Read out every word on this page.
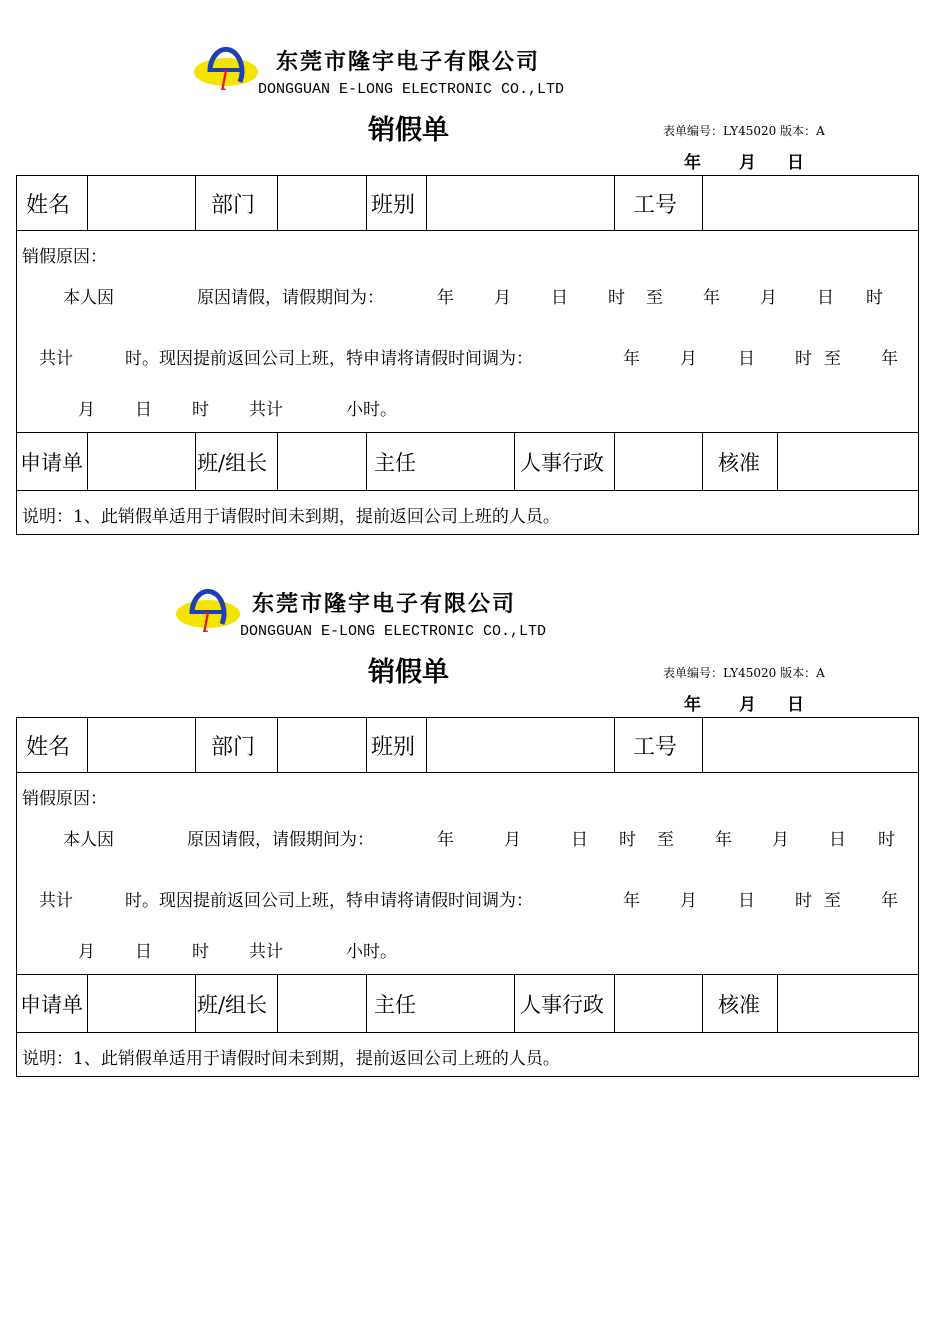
l
东莞市隆宇电子有限公司
DONGGUAN E-LONG ELECTRONIC CO.,LTD
销假单	表单编号：LY45020 版本：A
年 月 日
姓名	部门	班别	工号
销假原因：
本人因	原因请假，请假期间为：	年 月 日 时 至 年 月 日 时
共计	时。现因提前返回公司上班，特申请将请假时间调为：	年 月 日 时 至 年
月 日 时 共计	小时。
申请单	班/组长	主任	人事行政	核准
说明：1、此销假单适用于请假时间未到期，提前返回公司上班的人员。
l
东莞市隆宇电子有限公司
DONGGUAN E-LONG ELECTRONIC CO.,LTD
销假单	表单编号：LY45020 版本：A
年 月 日
姓名	部门	班别	工号
销假原因：
本人因	原因请假，请假期间为：	年	月	日 时 至 年 月 日 时
共计	时。现因提前返回公司上班，特申请将请假时间调为：	年 月 日 时 至 年
月 日 时 共计	小时。
申请单	班/组长	主任	人事行政	核准
说明：1、此销假单适用于请假时间未到期，提前返回公司上班的人员。
